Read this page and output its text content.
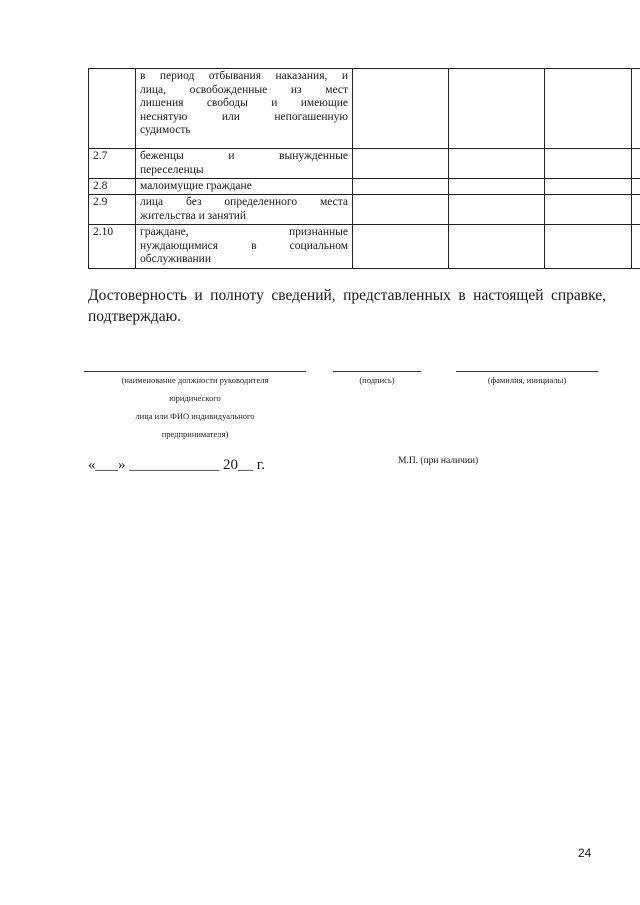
	в период отбывания наказания, и
лица, освобожденные из мест
лишения свободы и имеющие
неснятую или непогашенную
судимость				

2.7	беженцы и вынужденные
переселенцы				

2.8	малоимущие граждане				

2.9	лица без определенного места
жительства и занятий				

2.10	граждане, признанные
нуждающимися в социальном
обслуживании				

Достоверность и полноту сведений, представленных в настоящей справке, подтверждаю.
(наименование должности руководителя
юридического
лица или ФИО индивидуального
предпринимателя)
(подпись)	(фамилия, инициалы)
«___» ____________ 20__ г.	М.П. (при наличии)
24
